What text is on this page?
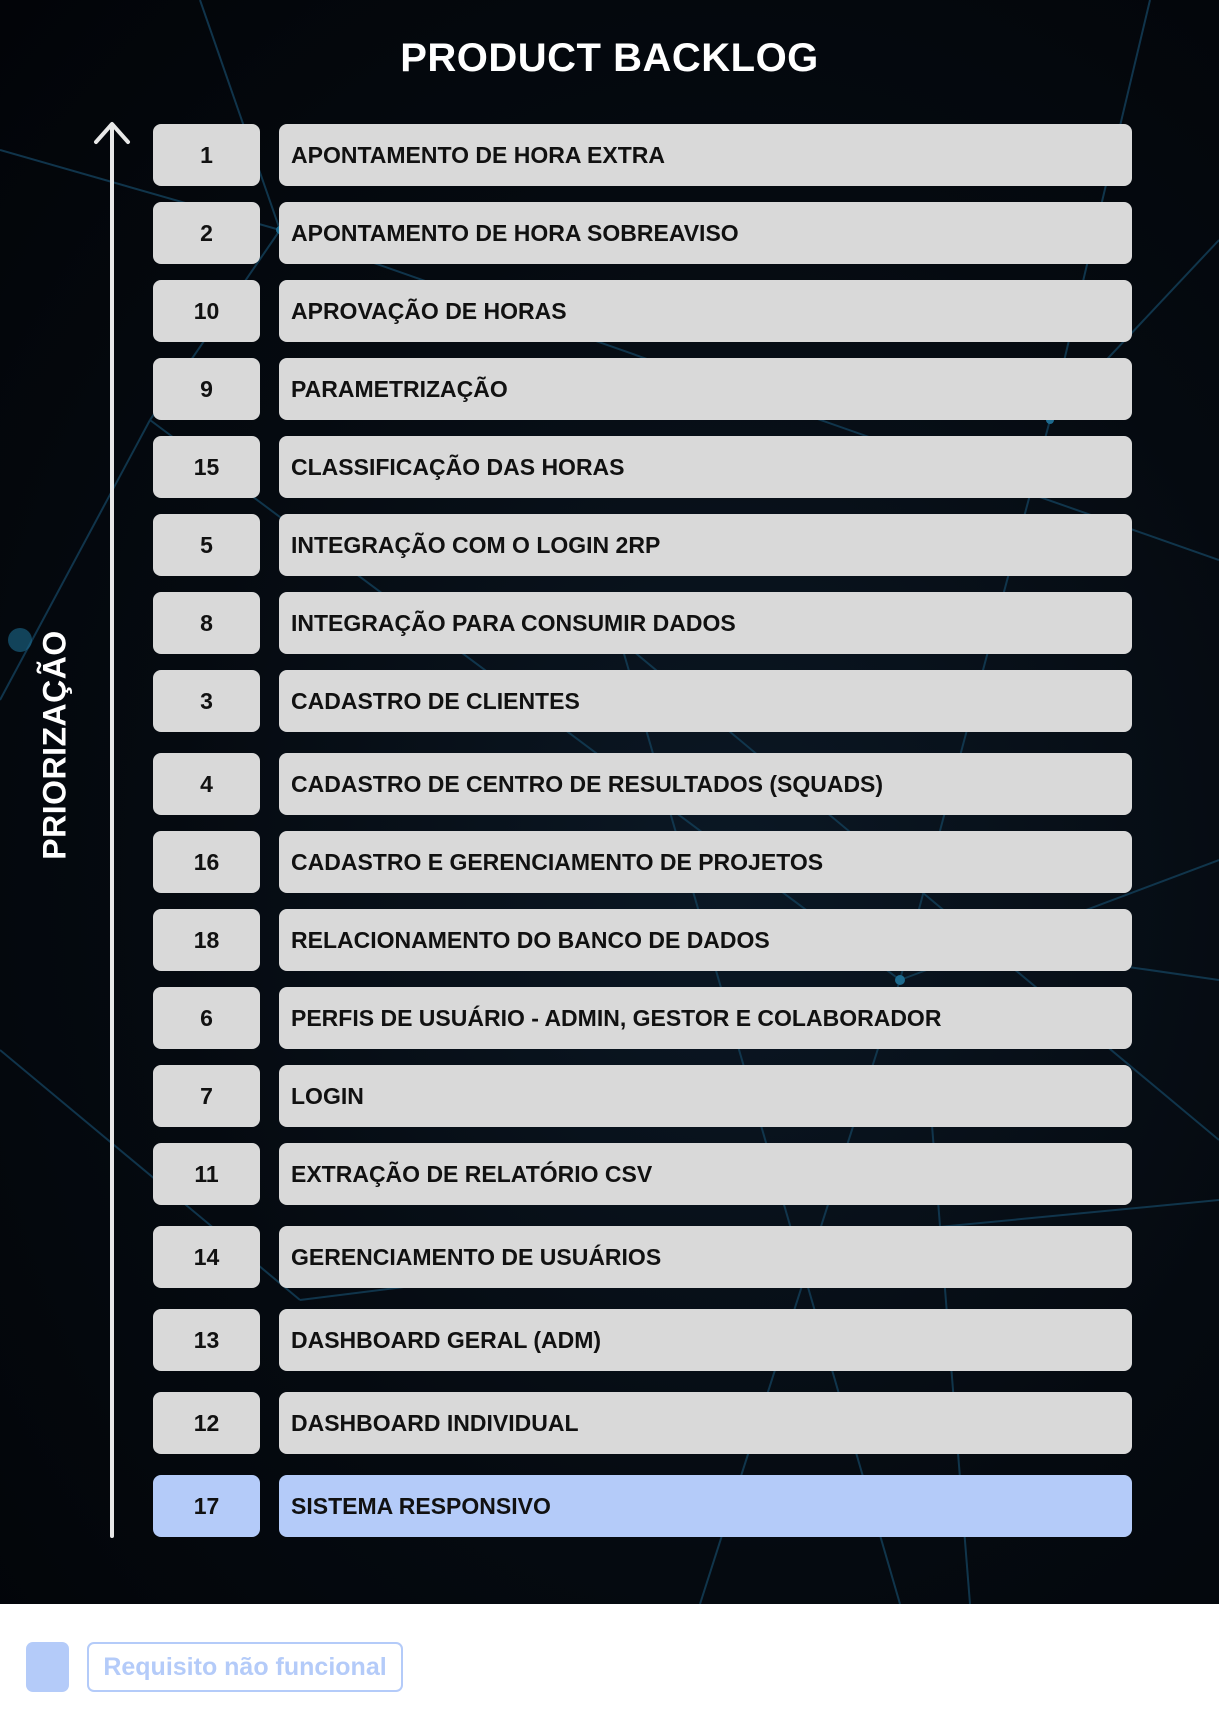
PRODUCT BACKLOG
PRIORIZAÇÃO
1	APONTAMENTO DE HORA EXTRA
2	APONTAMENTO DE HORA SOBREAVISO
10	APROVAÇÃO DE HORAS
9	PARAMETRIZAÇÃO
15	CLASSIFICAÇÃO DAS HORAS
5	INTEGRAÇÃO COM O LOGIN 2RP
8	INTEGRAÇÃO PARA CONSUMIR DADOS
3	CADASTRO DE CLIENTES
4	CADASTRO DE CENTRO DE RESULTADOS (SQUADS)
16	CADASTRO E GERENCIAMENTO DE PROJETOS
18	RELACIONAMENTO DO BANCO DE DADOS
6	PERFIS DE USUÁRIO - ADMIN, GESTOR E COLABORADOR
7	LOGIN
11	EXTRAÇÃO DE RELATÓRIO CSV
14	GERENCIAMENTO DE USUÁRIOS
13	DASHBOARD GERAL (ADM)
12	DASHBOARD INDIVIDUAL
17	SISTEMA RESPONSIVO
Requisito não funcional
